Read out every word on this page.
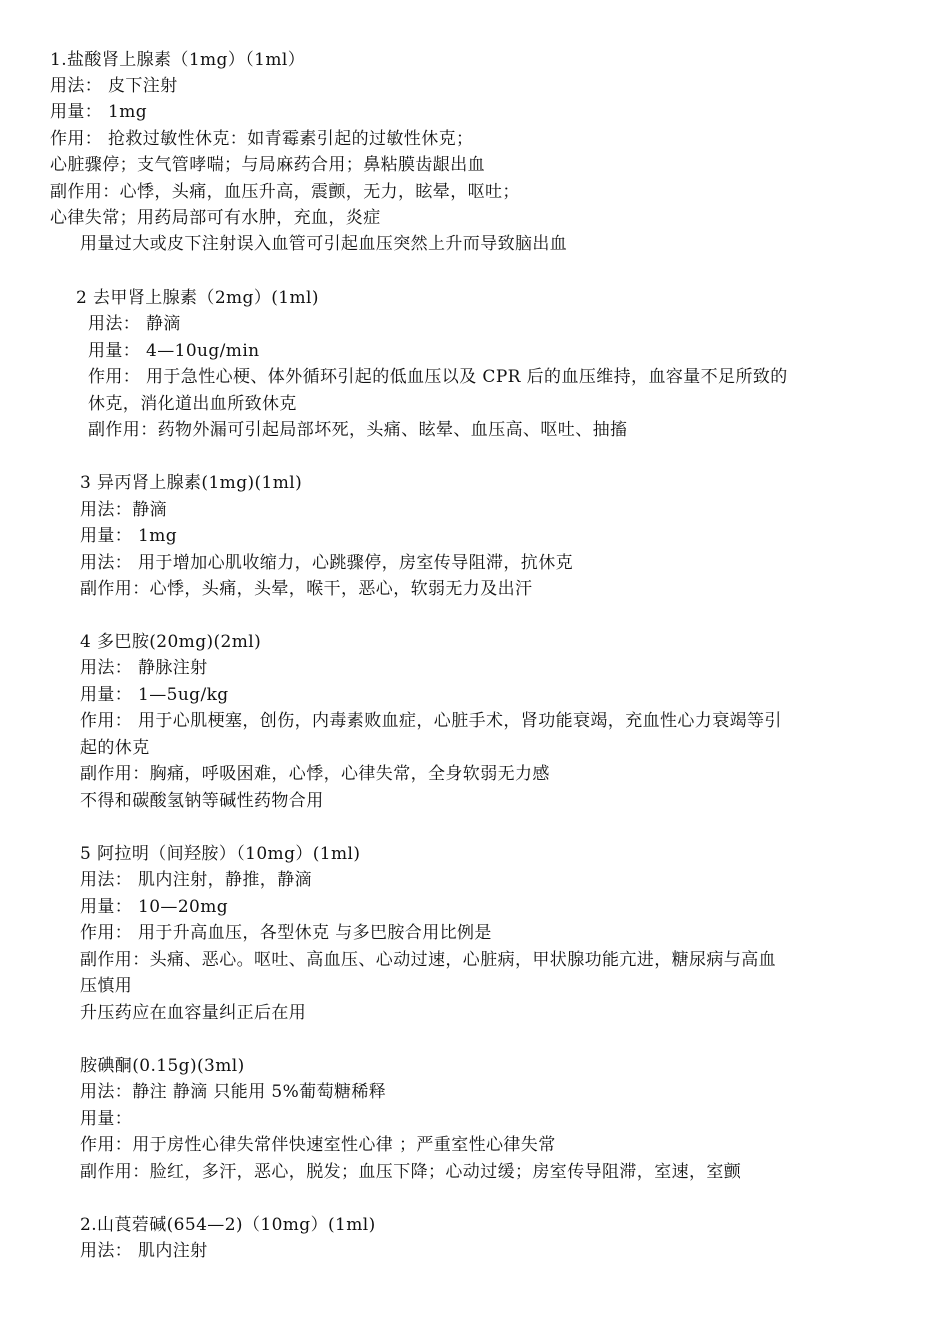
1.盐酸肾上腺素（1mg）（1ml）
用法： 皮下注射
用量： 1mg
作用： 抢救过敏性休克：如青霉素引起的过敏性休克；
心脏骤停；支气管哮喘；与局麻药合用；鼻粘膜齿龈出血
副作用：心悸，头痛，血压升高，震颤，无力，眩晕，呕吐；
心律失常；用药局部可有水肿，充血，炎症
用量过大或皮下注射误入血管可引起血压突然上升而导致脑出血
2 去甲肾上腺素（2mg）(1ml)
用法： 静滴
用量： 4—10ug/min
作用： 用于急性心梗、体外循环引起的低血压以及 CPR 后的血压维持，血容量不足所致的
休克，消化道出血所致休克
副作用：药物外漏可引起局部坏死，头痛、眩晕、血压高、呕吐、抽搐
3 异丙肾上腺素(1mg)(1ml)
用法：静滴
用量： 1mg
用法： 用于增加心肌收缩力，心跳骤停，房室传导阻滞，抗休克
副作用：心悸，头痛，头晕，喉干，恶心，软弱无力及出汗
4 多巴胺(20mg)(2ml)
用法： 静脉注射
用量： 1—5ug/kg
作用： 用于心肌梗塞，创伤，内毒素败血症，心脏手术，肾功能衰竭，充血性心力衰竭等引
起的休克
副作用：胸痛，呼吸困难，心悸，心律失常，全身软弱无力感
不得和碳酸氢钠等碱性药物合用
5 阿拉明（间羟胺）（10mg）(1ml)
用法： 肌内注射，静推，静滴
用量： 10—20mg
作用： 用于升高血压，各型休克 与多巴胺合用比例是
副作用：头痛、恶心。呕吐、高血压、心动过速，心脏病，甲状腺功能亢进，糖尿病与高血
压慎用
升压药应在血容量纠正后在用
胺碘酮(0.15g)(3ml)
用法：静注 静滴 只能用 5%葡萄糖稀释
用量：
作用：用于房性心律失常伴快速室性心律 ；严重室性心律失常
副作用：脸红，多汗，恶心，脱发；血压下降；心动过缓；房室传导阻滞，室速，室颤
2.山莨菪碱(654—2)（10mg）(1ml)
用法： 肌内注射
